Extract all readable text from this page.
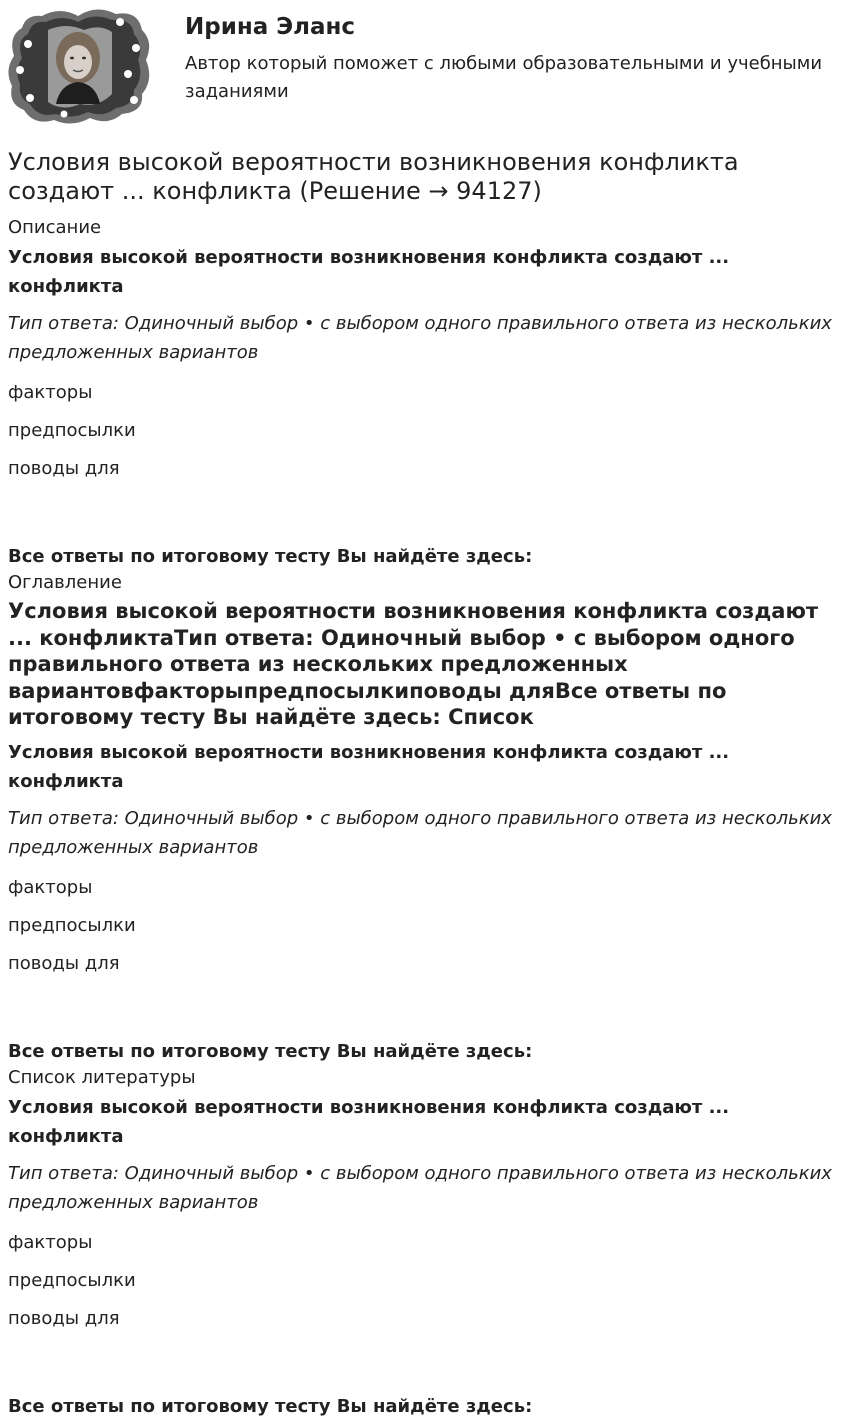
Ирина Эланс
Автор который поможет с любыми образовательными и учебными заданиями
Условия высокой вероятности возникновения конфликта создают ... конфликта (Решение → 94127)

Описание

Условия высокой вероятности возникновения конфликта создают ... конфликта

Тип ответа: Одиночный выбор • с выбором одного правильного ответа из нескольких предложенных вариантов

факторы

предпосылки

поводы для

Все ответы по итоговому тесту Вы найдёте здесь:

Оглавление

Условия высокой вероятности возникновения конфликта создают ... конфликтаТип ответа: Одиночный выбор • с выбором одного правильного ответа из нескольких предложенных вариантовфакторыпредпосылкиповоды дляВсе ответы по итоговому тесту Вы найдёте здесь: Список

Условия высокой вероятности возникновения конфликта создают ... конфликта

Тип ответа: Одиночный выбор • с выбором одного правильного ответа из нескольких предложенных вариантов

факторы

предпосылки

поводы для

Все ответы по итоговому тесту Вы найдёте здесь:

Список литературы

Условия высокой вероятности возникновения конфликта создают ... конфликта

Тип ответа: Одиночный выбор • с выбором одного правильного ответа из нескольких предложенных вариантов

факторы

предпосылки

поводы для

Все ответы по итоговому тесту Вы найдёте здесь:
